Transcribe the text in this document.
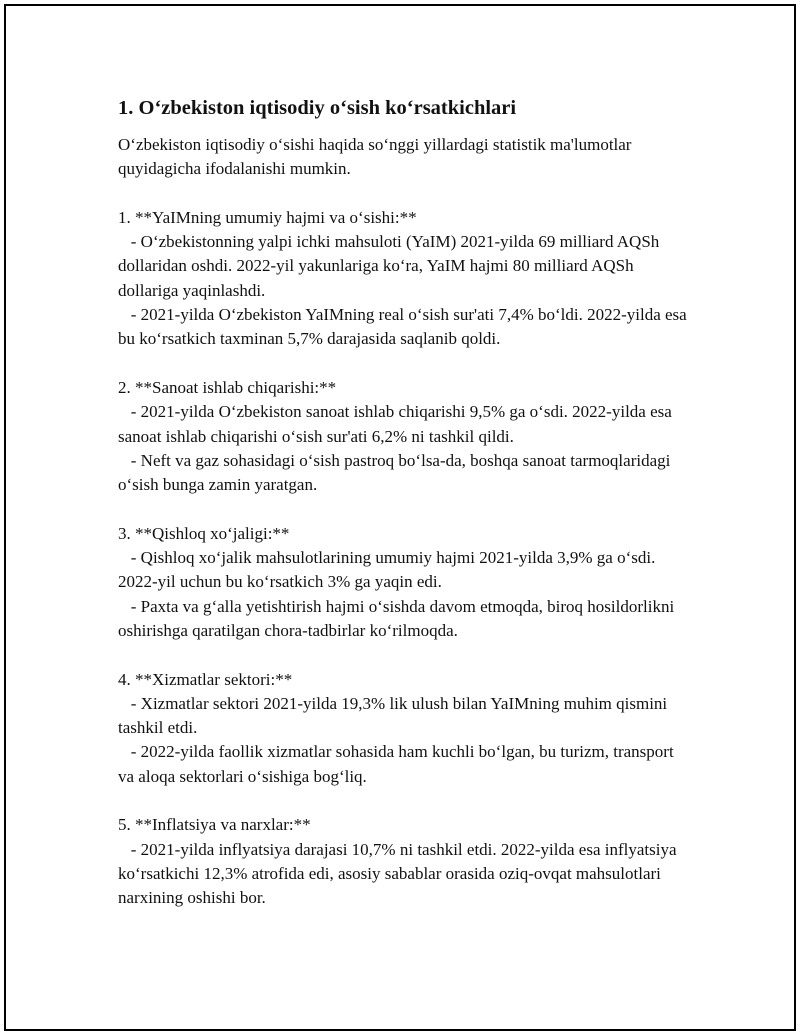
1. O‘zbekiston iqtisodiy o‘sish ko‘rsatkichlari

O‘zbekiston iqtisodiy o‘sishi haqida so‘nggi yillardagi statistik ma'lumotlar quyidagicha ifodalanishi mumkin.

1. **YaIMning umumiy hajmi va o‘sishi:**

- O‘zbekistonning yalpi ichki mahsuloti (YaIM) 2021-yilda 69 milliard AQSh dollaridan oshdi. 2022-yil yakunlariga ko‘ra, YaIM hajmi 80 milliard AQSh dollariga yaqinlashdi.

- 2021-yilda O‘zbekiston YaIMning real o‘sish sur'ati 7,4% bo‘ldi. 2022-yilda esa bu ko‘rsatkich taxminan 5,7% darajasida saqlanib qoldi.

2. **Sanoat ishlab chiqarishi:**

- 2021-yilda O‘zbekiston sanoat ishlab chiqarishi 9,5% ga o‘sdi. 2022-yilda esa sanoat ishlab chiqarishi o‘sish sur'ati 6,2% ni tashkil qildi.

- Neft va gaz sohasidagi o‘sish pastroq bo‘lsa-da, boshqa sanoat tarmoqlaridagi o‘sish bunga zamin yaratgan.

3. **Qishloq xo‘jaligi:**

- Qishloq xo‘jalik mahsulotlarining umumiy hajmi 2021-yilda 3,9% ga o‘sdi. 2022-yil uchun bu ko‘rsatkich 3% ga yaqin edi.

- Paxta va g‘alla yetishtirish hajmi o‘sishda davom etmoqda, biroq hosildorlikni oshirishga qaratilgan chora-tadbirlar ko‘rilmoqda.

4. **Xizmatlar sektori:**

- Xizmatlar sektori 2021-yilda 19,3% lik ulush bilan YaIMning muhim qismini tashkil etdi.

- 2022-yilda faollik xizmatlar sohasida ham kuchli bo‘lgan, bu turizm, transport va aloqa sektorlari o‘sishiga bog‘liq.

5. **Inflatsiya va narxlar:**

- 2021-yilda inflyatsiya darajasi 10,7% ni tashkil etdi. 2022-yilda esa inflyatsiya ko‘rsatkichi 12,3% atrofida edi, asosiy sabablar orasida oziq-ovqat mahsulotlari narxining oshishi bor.
